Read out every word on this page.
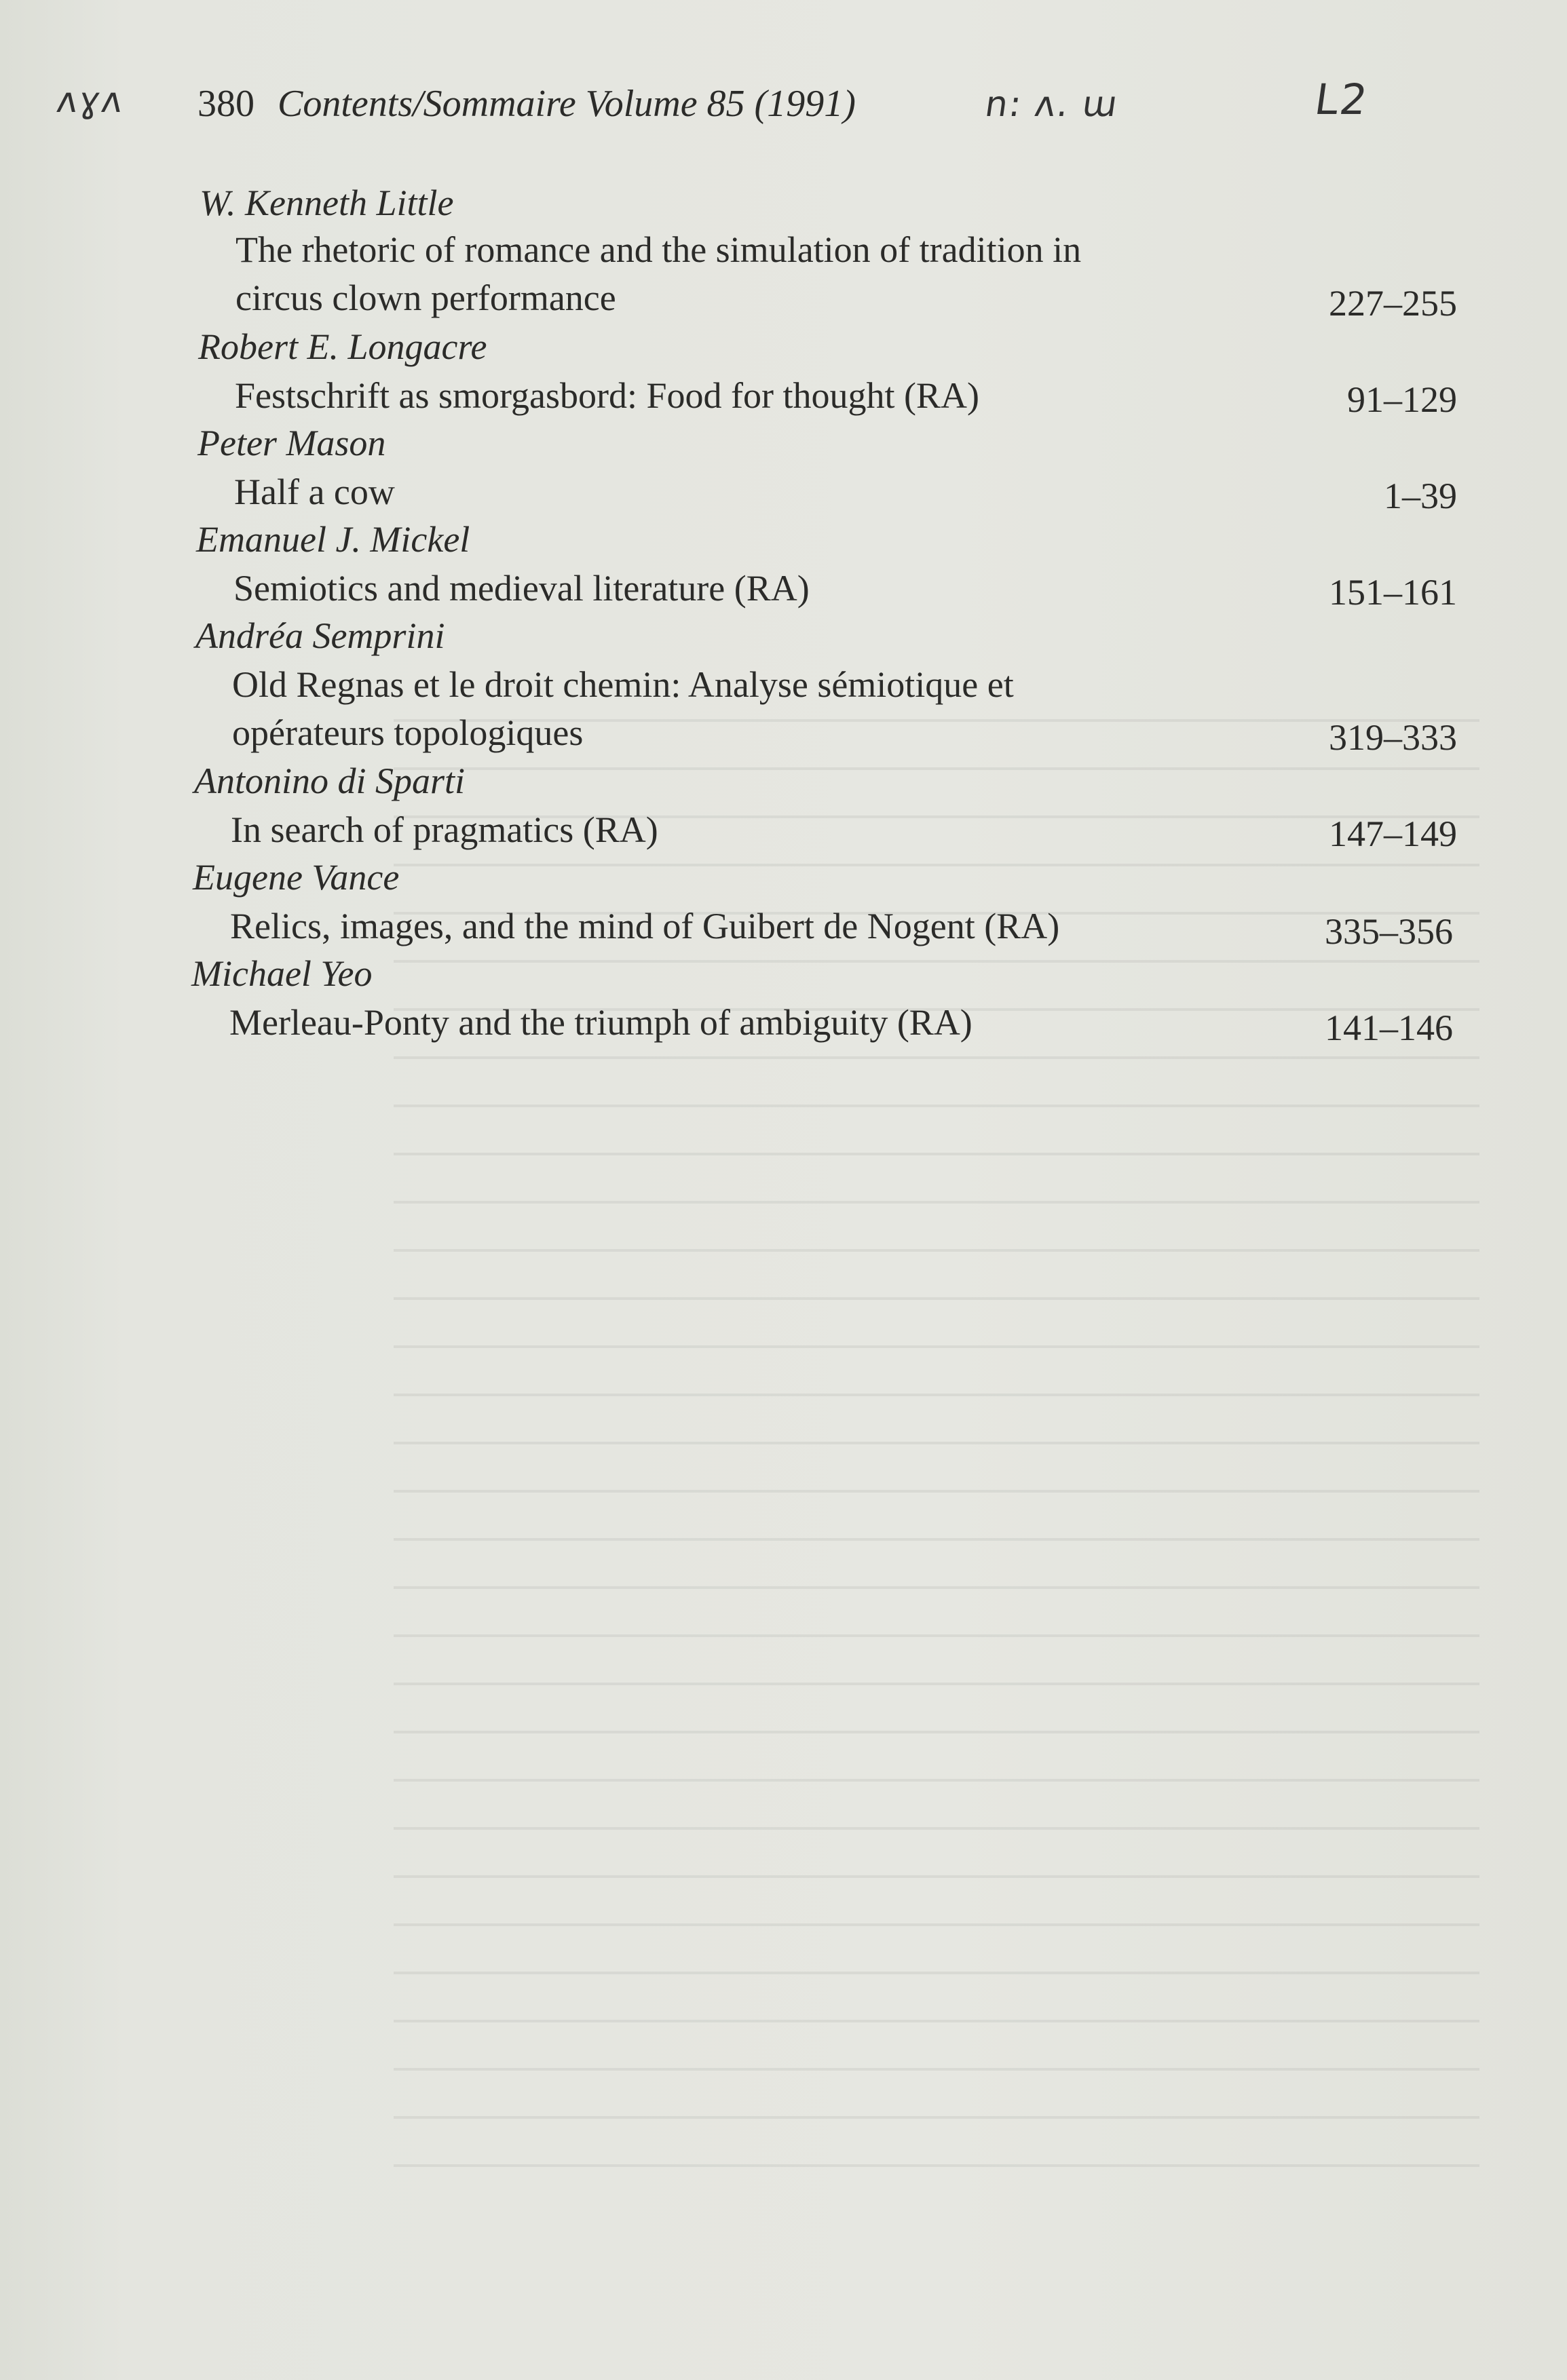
ʌɣʌ	n: ʌ. ɯ	L2
380 Contents/Sommaire Volume 85 (1991)
W. Kenneth Little
The rhetoric of romance and the simulation of tradition in
circus clown performance	227–255
Robert E. Longacre
Festschrift as smorgasbord: Food for thought (RA)	91–129
Peter Mason
Half a cow	1–39
Emanuel J. Mickel
Semiotics and medieval literature (RA)	151–161
Andréa Semprini
Old Regnas et le droit chemin: Analyse sémiotique et
opérateurs topologiques	319–333
Antonino di Sparti
In search of pragmatics (RA)	147–149
Eugene Vance
Relics, images, and the mind of Guibert de Nogent (RA)	335–356
Michael Yeo
Merleau-Ponty and the triumph of ambiguity (RA)	141–146
